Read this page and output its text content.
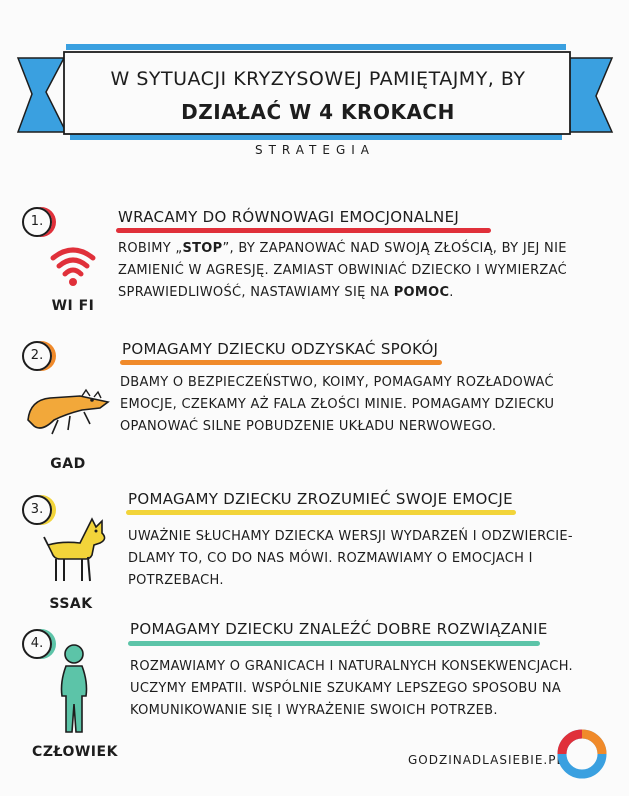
W SYTUACJI KRYZYSOWEJ PAMIĘTAJMY, BY
DZIAŁAĆ W 4 KROKACH
STRATEGIA
1.	WRACAMY DO RÓWNOWAGI EMOCJONALNEJ
WI FI
ROBIMY „STOP”, BY ZAPANOWAĆ NAD SWOJĄ ZŁOŚCIĄ, BY JEJ NIE ZAMIENIĆ W AGRESJĘ. ZAMIAST OBWINIAĆ DZIECKO I WYMIERZAĆ SPRAWIEDLIWOŚĆ, NASTAWIAMY SIĘ NA POMOC.
2.	POMAGAMY DZIECKU ODZYSKAĆ SPOKÓJ
GAD
DBAMY O BEZPIECZEŃSTWO, KOIMY, POMAGAMY ROZŁADOWAĆ EMOCJE, CZEKAMY AŻ FALA ZŁOŚCI MINIE. POMAGAMY DZIECKU OPANOWAĆ SILNE POBUDZENIE UKŁADU NERWOWEGO.
3.
POMAGAMY DZIECKU ZROZUMIEĆ SWOJE EMOCJE
SSAK
UWAŻNIE SŁUCHAMY DZIECKA WERSJI WYDARZEŃ I ODZWIERCIE- DLAMY TO, CO DO NAS MÓWI. ROZMAWIAMY O EMOCJACH I POTRZEBACH.
4.
POMAGAMY DZIECKU ZNALEŹĆ DOBRE ROZWIĄZANIE
CZŁOWIEK
ROZMAWIAMY O GRANICACH I NATURALNYCH KONSEKWENCJACH. UCZYMY EMPATII. WSPÓLNIE SZUKAMY LEPSZEGO SPOSOBU NA KOMUNIKOWANIE SIĘ I WYRAŻENIE SWOICH POTRZEB.
GODZINADLASIEBIE.PL
